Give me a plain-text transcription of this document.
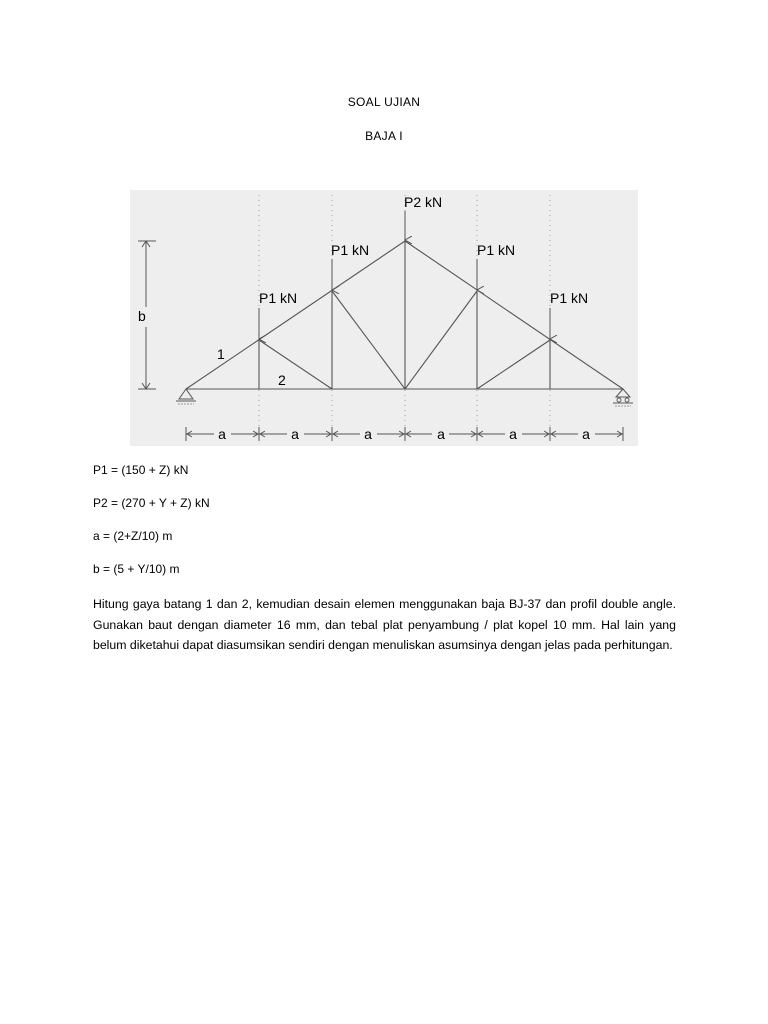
SOAL UJIAN
BAJA I
P1 kN
P1 kN
P2 kN
P1 kN
P1 kN
1
2
b
a	a	a	a	a	a
P1 = (150 + Z) kN
P2 = (270 + Y + Z) kN
a = (2+Z/10) m
b = (5 + Y/10) m
Hitung gaya batang 1 dan 2, kemudian desain elemen menggunakan baja BJ-37 dan profil double angle. Gunakan baut dengan diameter 16 mm, dan tebal plat penyambung / plat kopel 10 mm. Hal lain yang belum diketahui dapat diasumsikan sendiri dengan menuliskan asumsinya dengan jelas pada perhitungan.
